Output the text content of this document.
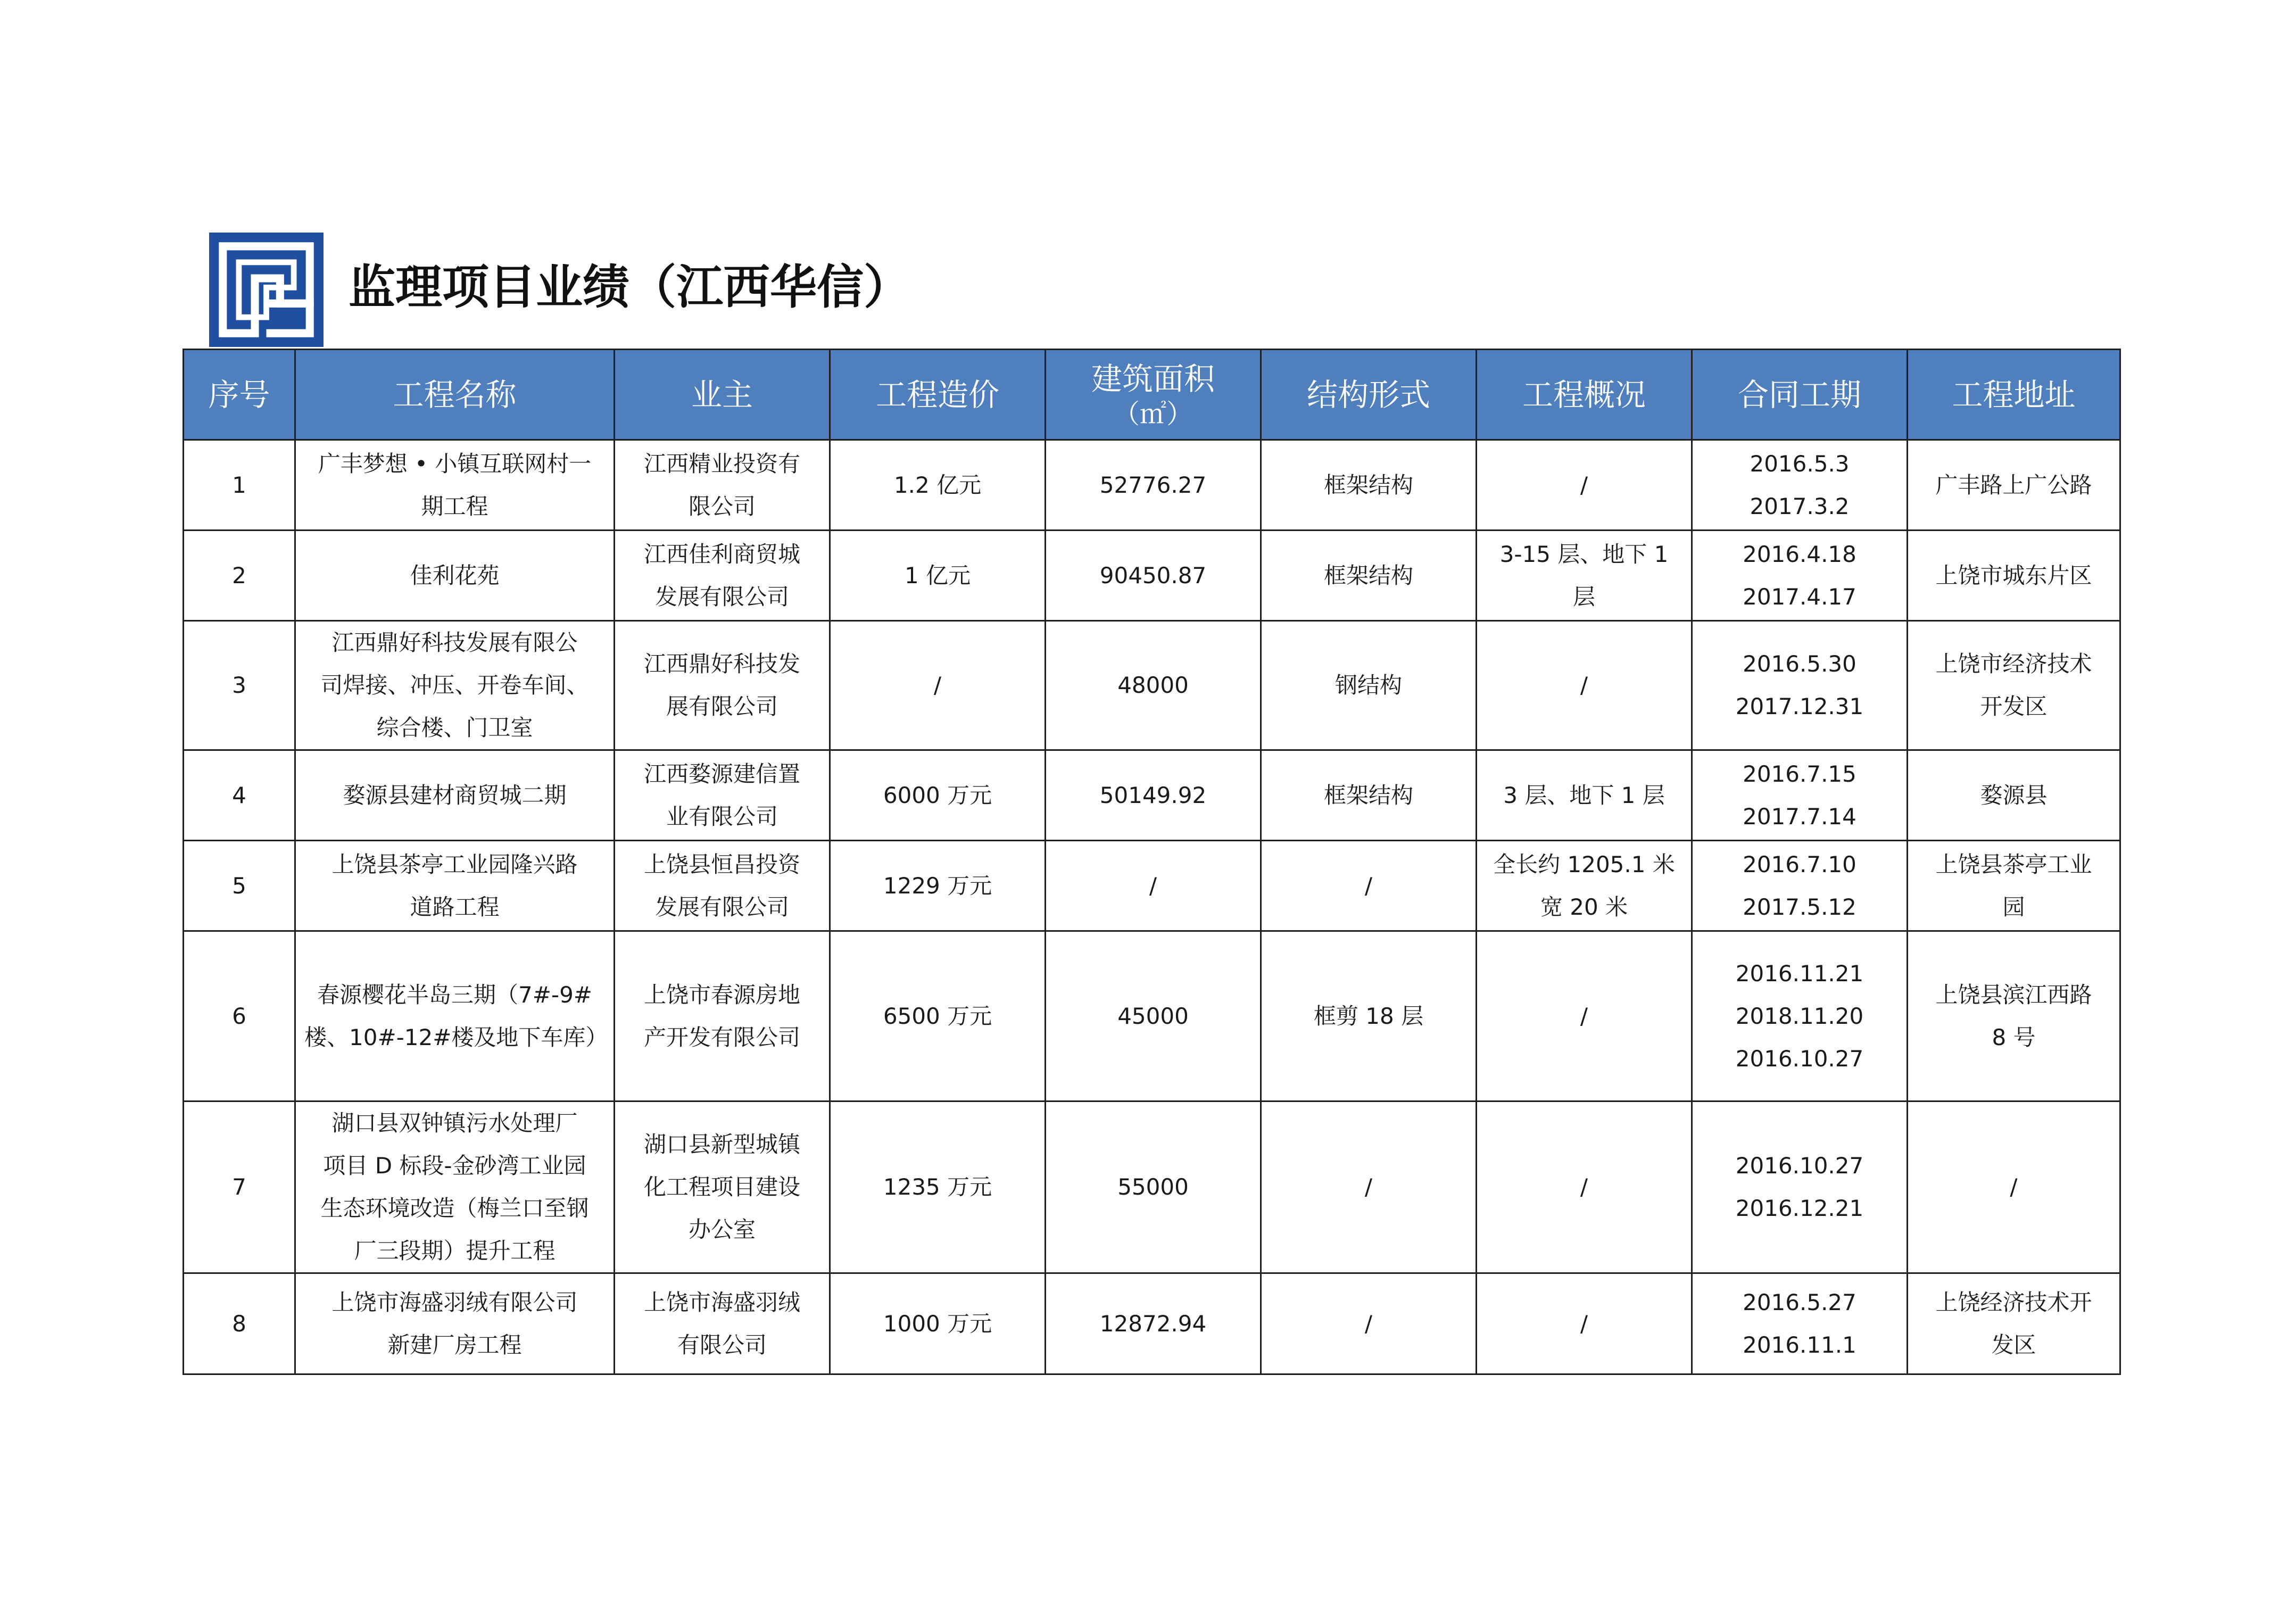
监理项目业绩（江西华信）
序号	工程名称	业主	工程造价	建筑面积
（㎡）	结构形式	工程概况	合同工期	工程地址
1	广丰梦想 • 小镇互联网村一
期工程	江西精业投资有
限公司	1.2 亿元	52776.27	框架结构	/	2016.5.3
2017.3.2	广丰路上广公路

2	佳利花苑	江西佳利商贸城
发展有限公司	1 亿元	90450.87	框架结构	3-15 层、地下 1
层	2016.4.18
2017.4.17	上饶市城东片区

3	江西鼎好科技发展有限公
司焊接、冲压、开卷车间、
综合楼、门卫室	江西鼎好科技发
展有限公司	/	48000	钢结构	/	2016.5.30
2017.12.31	上饶市经济技术
开发区

4	婺源县建材商贸城二期	江西婺源建信置
业有限公司	6000 万元	50149.92	框架结构	3 层、地下 1 层	2016.7.15
2017.7.14	婺源县

5	上饶县茶亭工业园隆兴路
道路工程	上饶县恒昌投资
发展有限公司	1229 万元	/	/	全长约 1205.1 米
宽 20 米	2016.7.10
2017.5.12	上饶县茶亭工业
园

6	春源樱花半岛三期（7#-9#
楼、10#-12#楼及地下车库）	上饶市春源房地
产开发有限公司	6500 万元	45000	框剪 18 层	/	2016.11.21
2018.11.20
2016.10.27	上饶县滨江西路
8 号

7	湖口县双钟镇污水处理厂
项目 D 标段-金砂湾工业园
生态环境改造（梅兰口至钢
厂三段期）提升工程	湖口县新型城镇
化工程项目建设
办公室	1235 万元	55000	/	/	2016.10.27
2016.12.21	/

8	上饶市海盛羽绒有限公司
新建厂房工程	上饶市海盛羽绒
有限公司	1000 万元	12872.94	/	/	2016.5.27
2016.11.1	上饶经济技术开
发区
